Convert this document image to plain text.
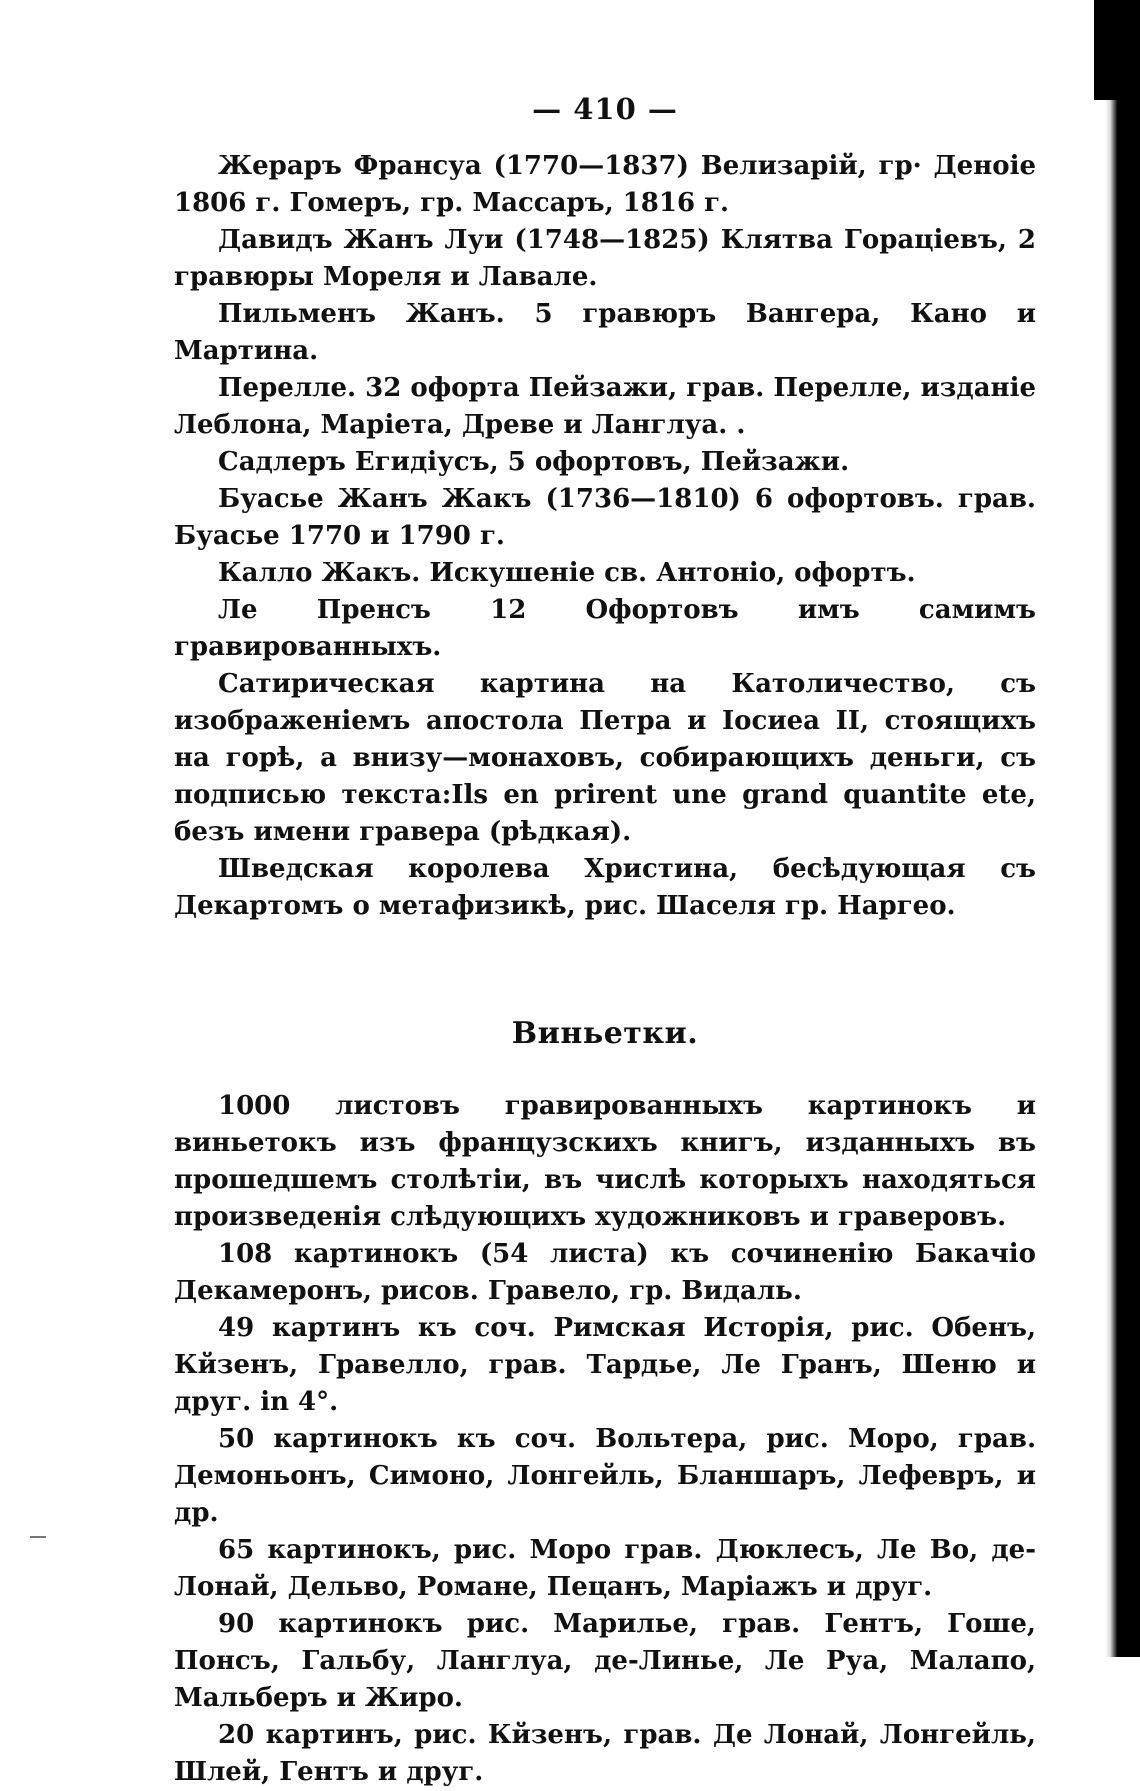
— 410 —

Жераръ Франсуа (1770—1837) Велизарій, гр· Деноiе 1806 г. Гомеръ, гр. Массаръ, 1816 г.

Давидъ Жанъ Луи (1748—1825) Клятва Горацiевъ, 2 гравюры Мореля и Лавале.

Пильменъ Жанъ. 5 гравюръ Вангера, Кано и Мартина.

Перелле. 32 офорта Пейзажи, грав. Перелле, изданiе Леблона, Марiета, Древе и Ланглуа. .

Садлеръ Егидiусъ, 5 офортовъ, Пейзажи.

Буасье Жанъ Жакъ (1736—1810) 6 офортовъ. грав. Буасье 1770 и 1790 г.

Калло Жакъ. Искушенiе св. Антонiо, офортъ.

Ле Пренсъ 12 Офортовъ имъ самимъ гравированныхъ.

Сатирическая картина на Католичество, съ изображенiемъ апостола Петра и Iосиеа II, стоящихъ на горѣ, а внизу—монаховъ, собирающихъ деньги, съ подписью текста:Ils en prirent une grand quantite ete, безъ имени гравера (рѣдкая).

Шведская королева Христина, бесѣдующая съ Декартомъ о метафизикѣ, рис. Шаселя гр. Наргео.

Виньетки.

1000 листовъ гравированныхъ картинокъ и виньетокъ изъ французскихъ книгъ, изданныхъ въ прошедшемъ столѣтiи, въ числѣ которыхъ находяться произведенiя слѣдующихъ художниковъ и граверовъ.

108 картинокъ (54 листа) къ сочиненiю Бакачiо Декамеронъ, рисов. Гравело, гр. Видаль.

49 картинъ къ соч. Римская Исторiя, рис. Обенъ, Кйзенъ, Гравелло, грав. Тардье, Ле Гранъ, Шеню и друг. in 4°.

50 картинокъ къ соч. Вольтера, рис. Моро, грав. Демоньонъ, Симоно, Лонгейль, Бланшаръ, Лефевръ, и др.

65 картинокъ, рис. Моро грав. Дюклесъ, Ле Во, де-Лонай, Дельво, Романе, Пецанъ, Марiажъ и друг.

90 картинокъ рис. Марилье, грав. Гентъ, Гоше, Понсъ, Гальбу, Ланглуа, де-Линье, Ле Руа, Малапо, Мальберъ и Жиро.

20 картинъ, рис. Кйзенъ, грав. Де Лонай, Лонгейль, Шлей, Гентъ и друг.
